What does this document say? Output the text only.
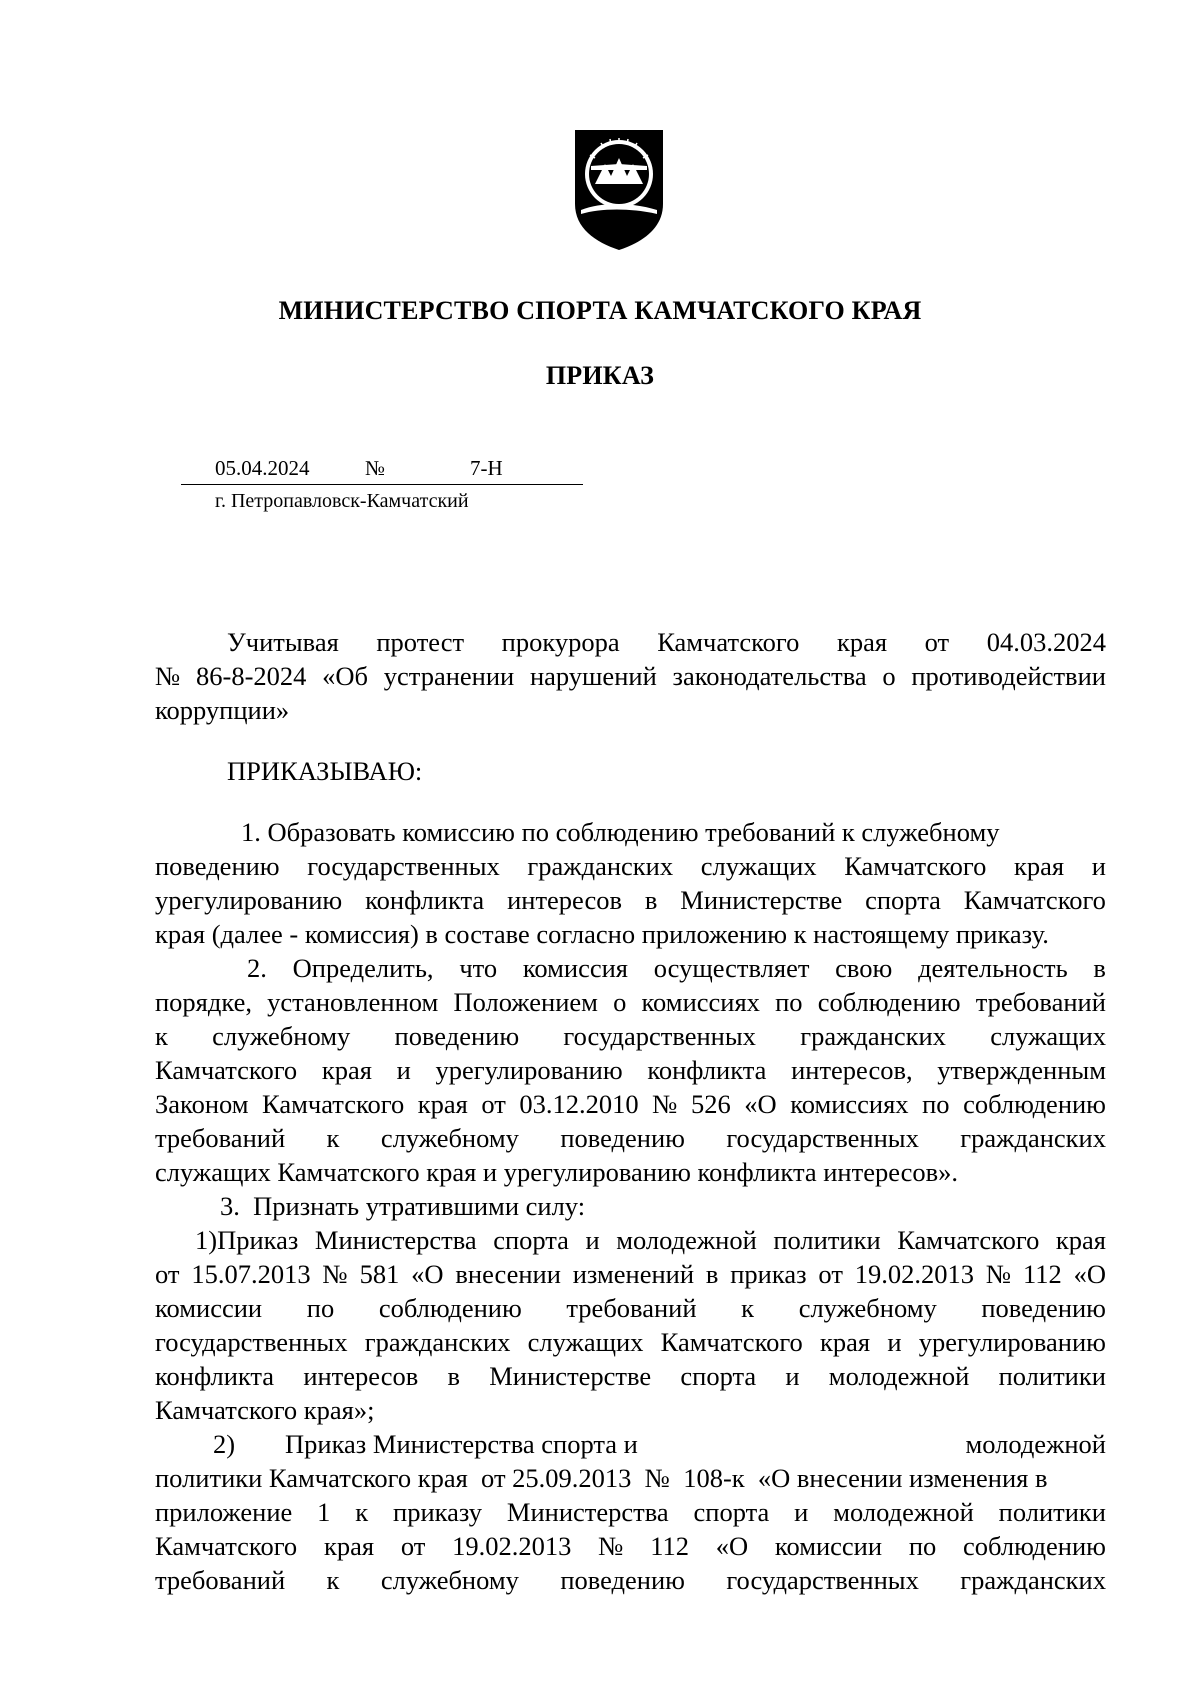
МИНИСТЕРСТВО СПОРТА КАМЧАТСКОГО КРАЯ
ПРИКАЗ
05.04.2024	№	7-Н
г. Петропавловск-Камчатский
Учитывая протест прокурора Камчатского края от 04.03.2024
№ 86-8-2024 «Об устранении нарушений законодательства о противодействии
коррупции»
ПРИКАЗЫВАЮ:
1. Образовать комиссию по соблюдению требований к служебному
поведению государственных гражданских служащих Камчатского края и
урегулированию конфликта интересов в Министерстве спорта Камчатского
края (далее - комиссия) в составе согласно приложению к настоящему приказу.
2. Определить, что комиссия осуществляет свою деятельность в
порядке, установленном Положением о комиссиях по соблюдению требований
к служебному поведению государственных гражданских служащих
Камчатского края и урегулированию конфликта интересов, утвержденным
Законом Камчатского края от 03.12.2010 № 526 «О комиссиях по соблюдению
требований к служебному поведению государственных гражданских
служащих Камчатского края и урегулированию конфликта интересов».
3.  Признать утратившими силу:
1)Приказ Министерства спорта и молодежной политики Камчатского края
от 15.07.2013 № 581 «О внесении изменений в приказ от 19.02.2013 № 112 «О
комиссии по соблюдению требований к служебному поведению
государственных гражданских служащих Камчатского края и урегулированию
конфликта интересов в Министерстве спорта и молодежной политики
Камчатского края»;
2) Приказ Министерства спорта и	молодежной
политики Камчатского края  от 25.09.2013  №  108-к  «О внесении изменения в
приложение 1 к приказу Министерства спорта и молодежной политики
Камчатского края от 19.02.2013 № 112 «О комиссии по соблюдению
требований к служебному поведению государственных гражданских
